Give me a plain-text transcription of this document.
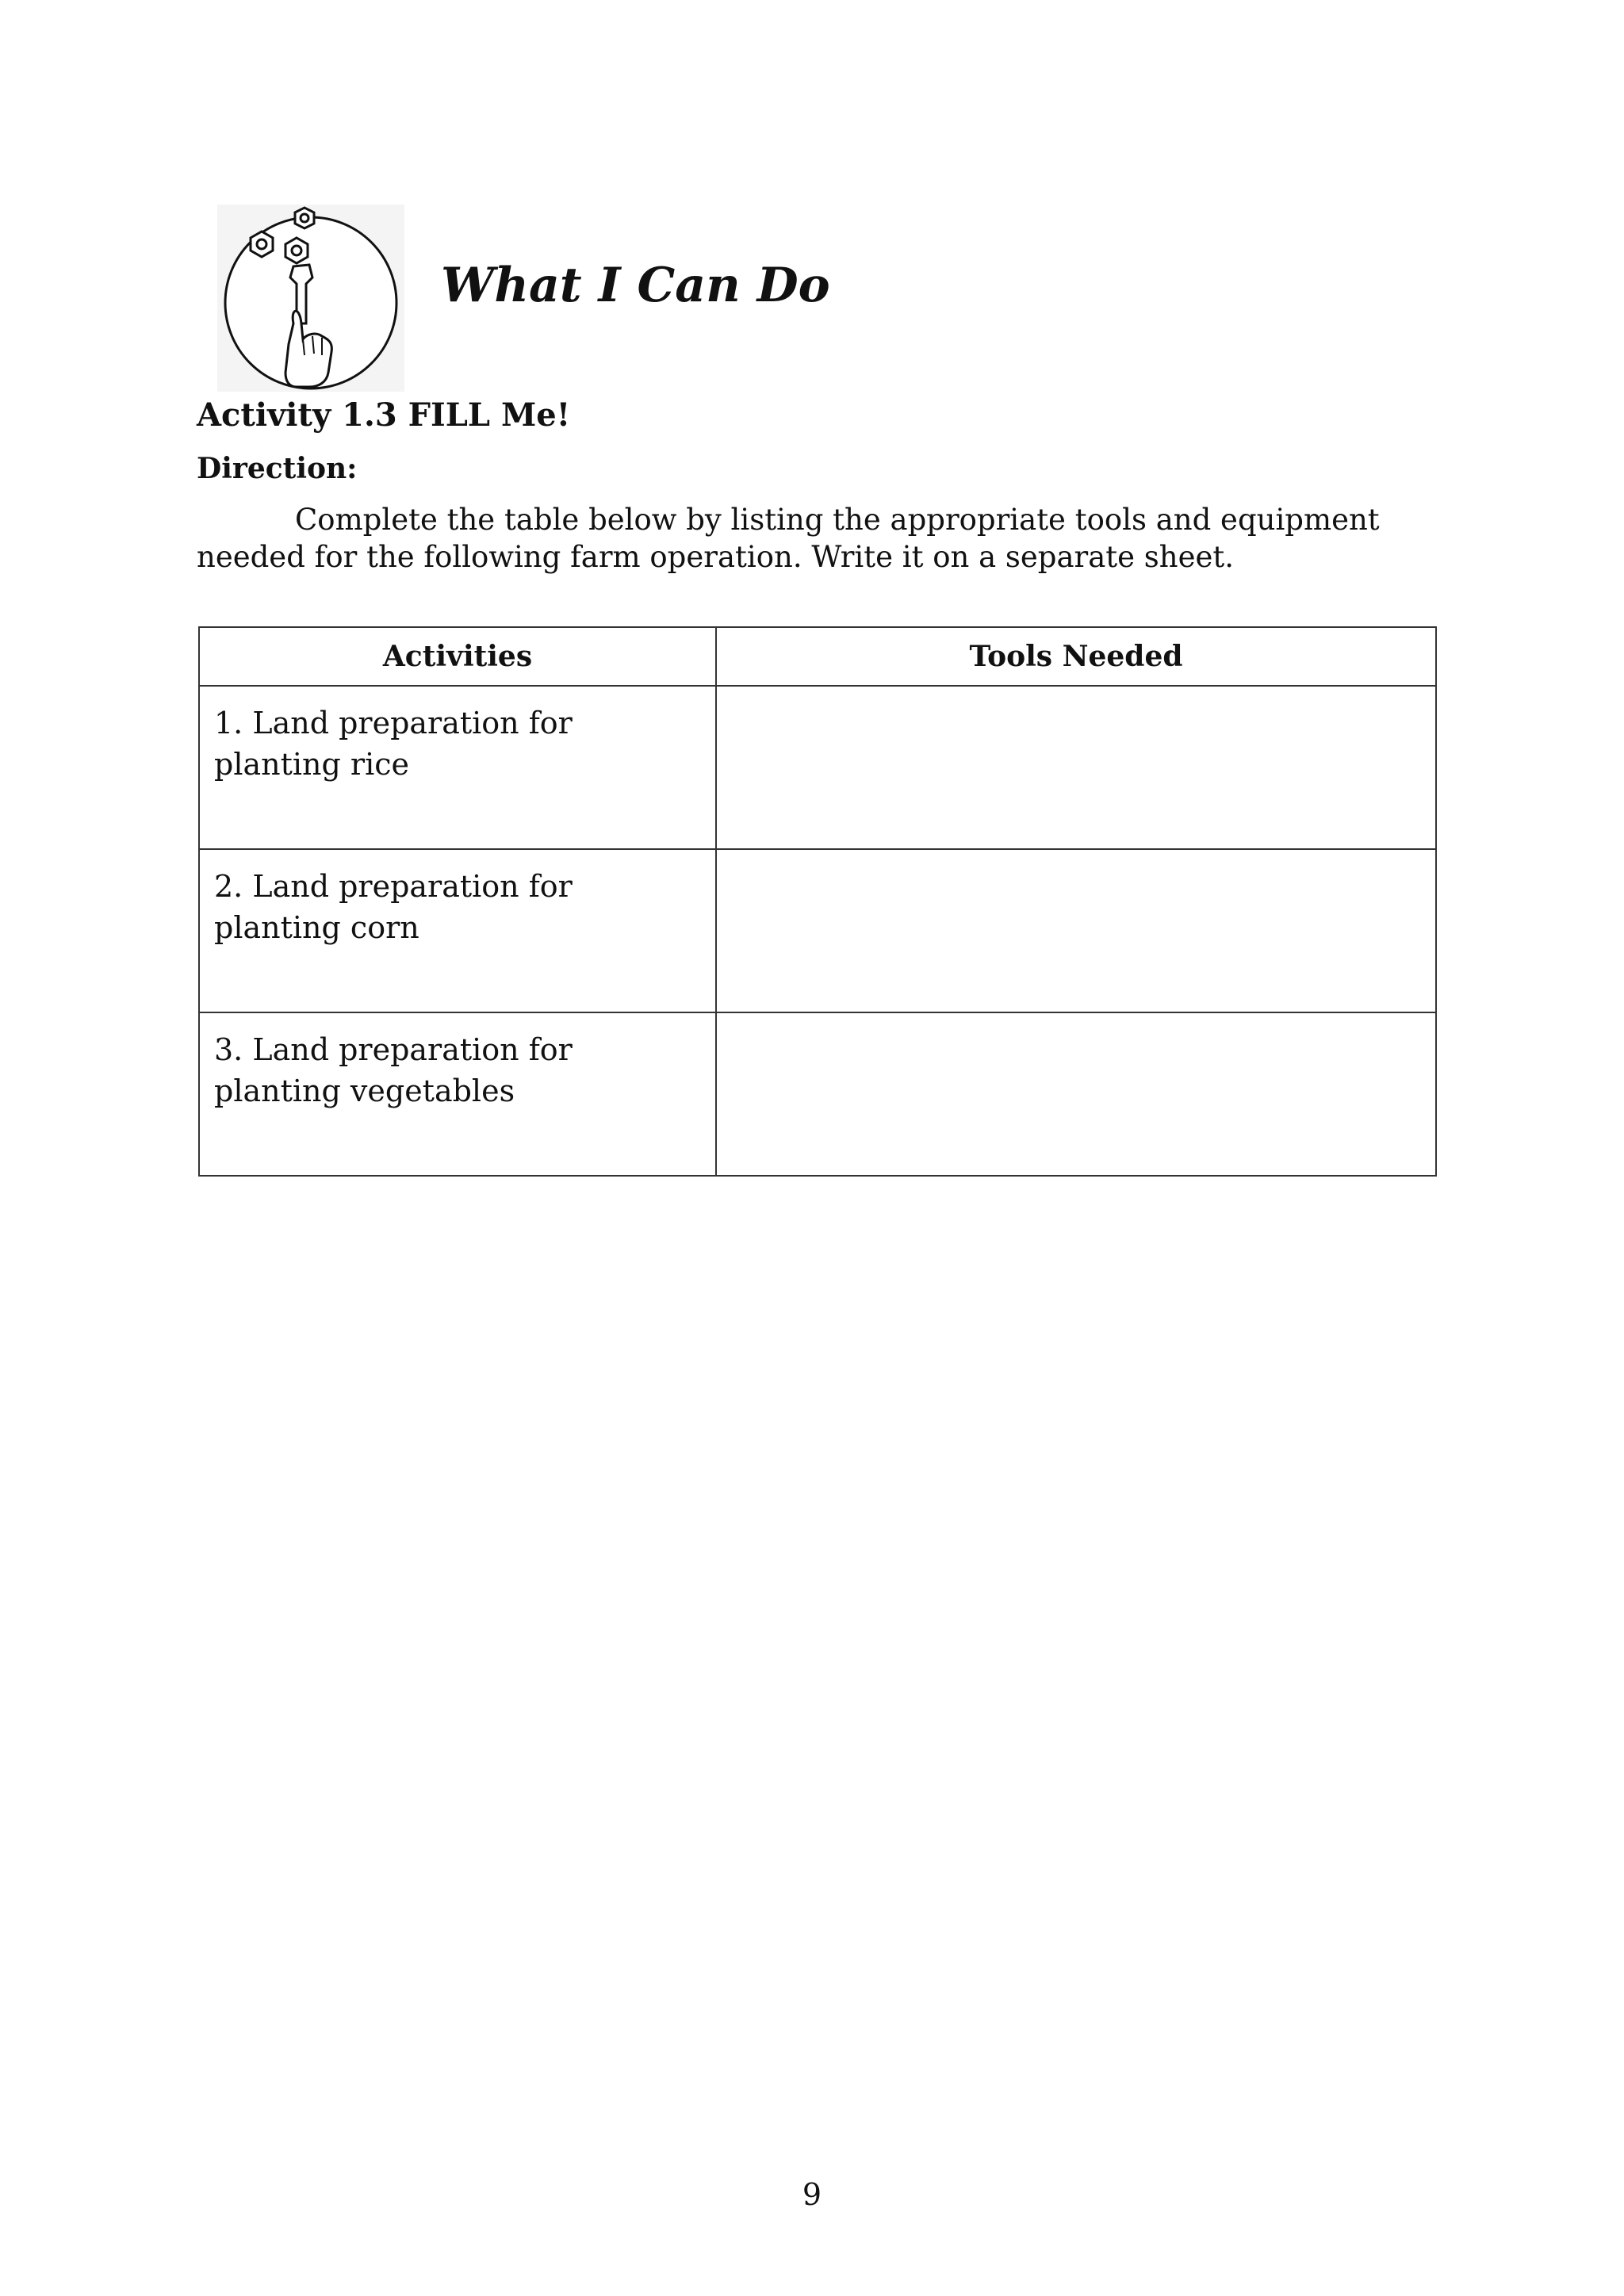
What I Can Do
Activity 1.3 FILL Me!
Direction:
Complete the table below by listing the appropriate tools and equipment needed for the following farm operation. Write it on a separate sheet.
Activities	Tools Needed
1. Land preparation for planting rice	
2. Land preparation for planting corn	
3. Land preparation for planting vegetables	
9
